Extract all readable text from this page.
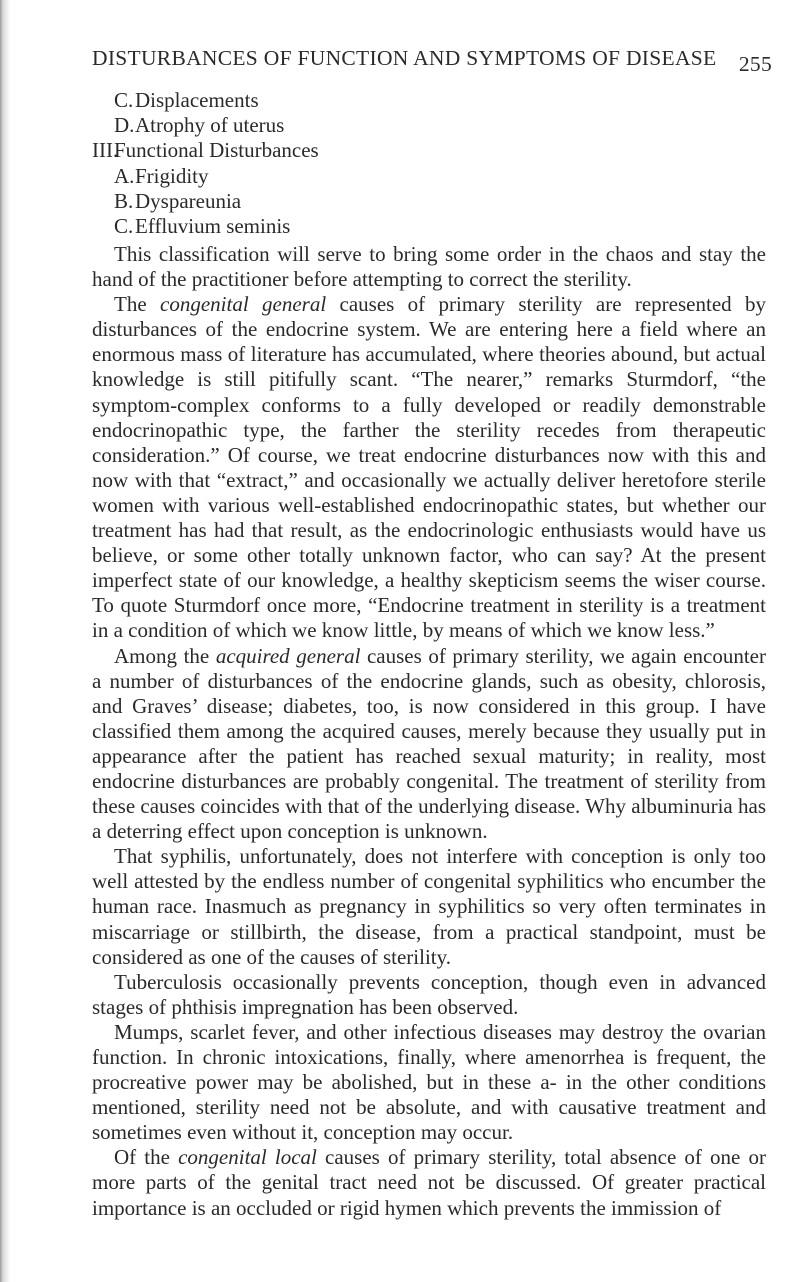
DISTURBANCES OF FUNCTION AND SYMPTOMS OF DISEASE 255
C. Displacements
D. Atrophy of uterus
III.
Functional Disturbances
A. Frigidity
B. Dyspareunia
C. Effluvium seminis

This classification will serve to bring some order in the chaos and stay the hand of the practitioner before attempting to correct the sterility.

The congenital general causes of primary sterility are represented by disturbances of the endocrine system. We are entering here a field where an enormous mass of literature has accumulated, where theories abound, but actual knowledge is still pitifully scant. “The nearer,” remarks Sturmdorf, “the symptom-complex conforms to a fully developed or readily demonstrable endocrinopathic type, the farther the sterility recedes from therapeutic consideration.” Of course, we treat endocrine disturbances now with this and now with that “extract,” and occasionally we actually deliver heretofore sterile women with various well-established endocrinopathic states, but whether our treatment has had that result, as the endocrinologic enthusiasts would have us believe, or some other totally unknown factor, who can say? At the present imperfect state of our knowledge, a healthy skepticism seems the wiser course. To quote Sturmdorf once more, “Endocrine treatment in sterility is a treatment in a condition of which we know little, by means of which we know less.”

Among the acquired general causes of primary sterility, we again encounter a number of disturbances of the endocrine glands, such as obesity, chlorosis, and Graves’ disease; diabetes, too, is now considered in this group. I have classified them among the acquired causes, merely because they usually put in appearance after the patient has reached sexual maturity; in reality, most endocrine disturbances are probably congenital. The treatment of sterility from these causes coincides with that of the underlying disease. Why albuminuria has a deterring effect upon conception is unknown.

That syphilis, unfortunately, does not interfere with conception is only too well attested by the endless number of congenital syphilitics who encumber the human race. Inasmuch as pregnancy in syphilitics so very often terminates in miscarriage or stillbirth, the disease, from a practical standpoint, must be considered as one of the causes of sterility.

Tuberculosis occasionally prevents conception, though even in advanced stages of phthisis impregnation has been observed.

Mumps, scarlet fever, and other infectious diseases may destroy the ovarian function. In chronic intoxications, finally, where amenorrhea is frequent, the procreative power may be abolished, but in these a- in the other conditions mentioned, sterility need not be absolute, and with causative treatment and sometimes even without it, conception may occur.

Of the congenital local causes of primary sterility, total absence of one or more parts of the genital tract need not be discussed. Of greater practical importance is an occluded or rigid hymen which prevents the immission of
